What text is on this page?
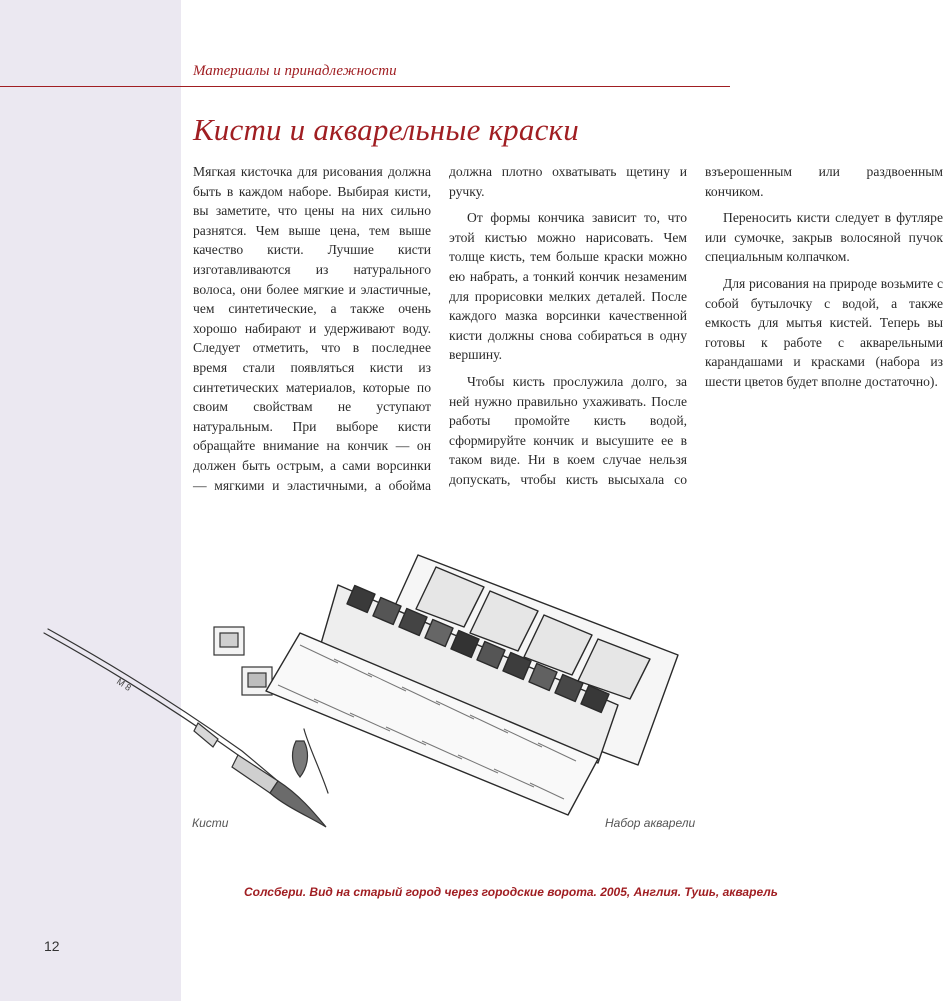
Материалы и принадлежности
Кисти и акварельные краски

Мягкая кисточка для рисования должна быть в каждом наборе. Выбирая кисти, вы заметите, что цены на них сильно разнятся. Чем выше цена, тем выше качество кисти. Лучшие кисти изготавливаются из натурального волоса, они более мягкие и эластичные, чем синтетические, а также очень хорошо набирают и удерживают воду. Следует отметить, что в последнее время стали появляться кисти из синтетических материалов, которые по своим свойствам не уступают натуральным. При выборе кисти обращайте внимание на кончик — он должен быть острым, а сами ворсинки — мягкими и эластичными, а обойма должна плотно охватывать щетину и ручку.

От формы кончика зависит то, что этой кистью можно нарисовать. Чем толще кисть, тем больше краски можно ею набрать, а тонкий кончик незаменим для прорисовки мелких деталей. После каждого мазка ворсинки качественной кисти должны снова собираться в одну вершину.

Чтобы кисть прослужила долго, за ней нужно правильно ухаживать. После работы промойте кисть водой, сформируйте кончик и высушите ее в таком виде. Ни в коем случае нельзя допускать, чтобы кисть высыхала со взъерошенным или раздвоенным кончиком.

Переносить кисти следует в футляре или сумочке, закрыв волосяной пучок специальным колпачком.

Для рисования на природе возьмите с собой бутылочку с водой, а также емкость для мытья кистей. Теперь вы готовы к работе с акварельными карандашами и красками (набора из шести цветов будет вполне достаточно).

M 8
Кисти	Набор акварели
Солсбери. Вид на старый город через городские ворота. 2005, Англия. Тушь, акварель
12
